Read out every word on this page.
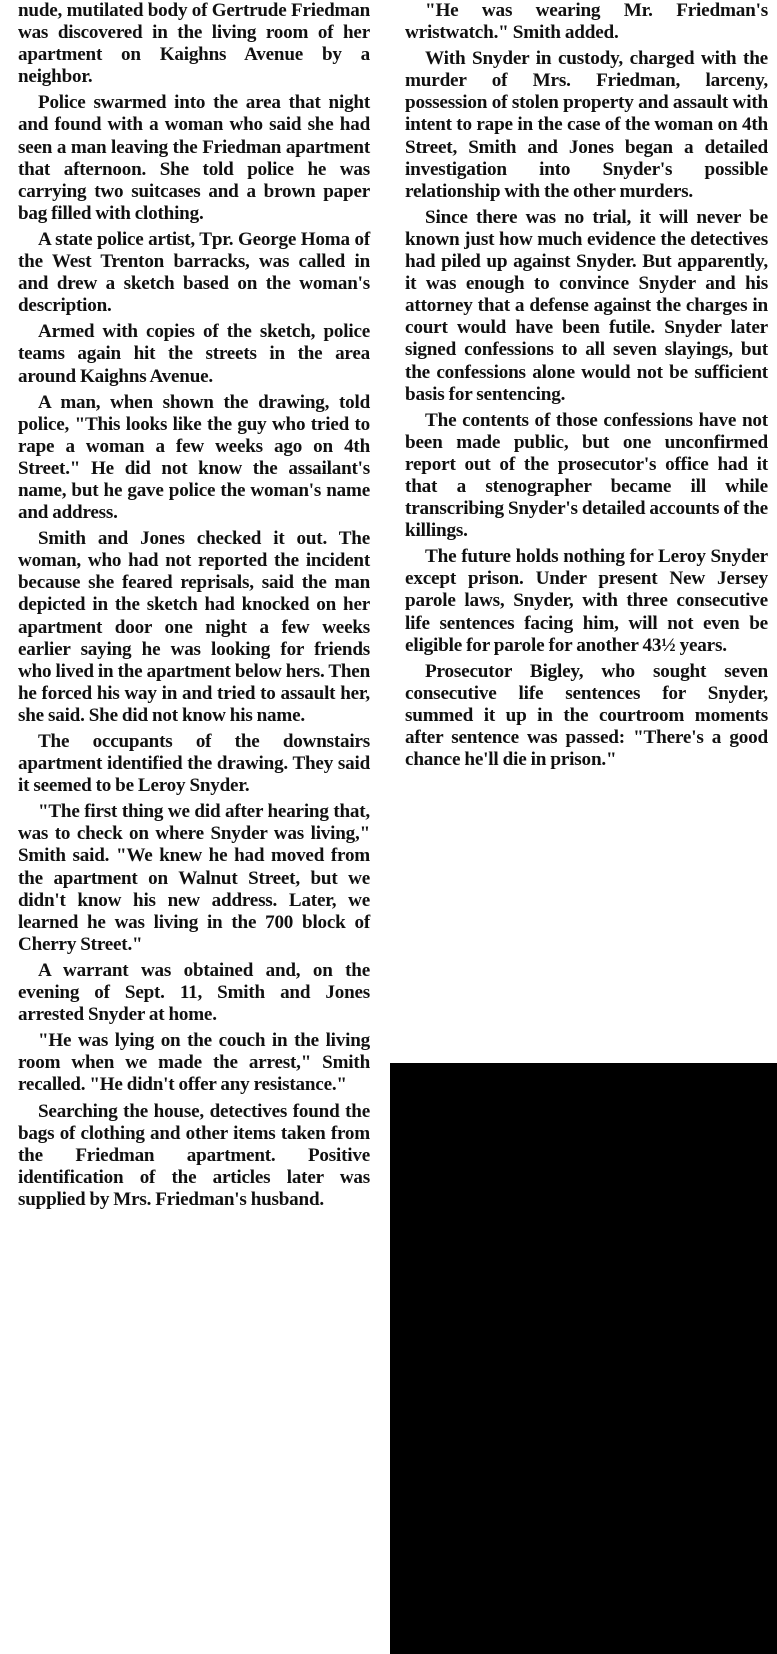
nude, mutilated body of Gertrude Friedman was discovered in the living room of her apartment on Kaighns Avenue by a neighbor.

Police swarmed into the area that night and found with a woman who said she had seen a man leaving the Friedman apartment that afternoon. She told police he was carrying two suitcases and a brown paper bag filled with clothing.

A state police artist, Tpr. George Homa of the West Trenton barracks, was called in and drew a sketch based on the woman's description.

Armed with copies of the sketch, police teams again hit the streets in the area around Kaighns Avenue.

A man, when shown the drawing, told police, "This looks like the guy who tried to rape a woman a few weeks ago on 4th Street." He did not know the assailant's name, but he gave police the woman's name and address.

Smith and Jones checked it out. The woman, who had not reported the incident because she feared reprisals, said the man depicted in the sketch had knocked on her apartment door one night a few weeks earlier saying he was looking for friends who lived in the apartment below hers. Then he forced his way in and tried to assault her, she said. She did not know his name.

The occupants of the downstairs apartment identified the drawing. They said it seemed to be Leroy Snyder.

"The first thing we did after hearing that, was to check on where Snyder was living," Smith said. "We knew he had moved from the apartment on Walnut Street, but we didn't know his new address. Later, we learned he was living in the 700 block of Cherry Street."

A warrant was obtained and, on the evening of Sept. 11, Smith and Jones arrested Snyder at home.

"He was lying on the couch in the living room when we made the arrest," Smith recalled. "He didn't offer any resistance."

Searching the house, detectives found the bags of clothing and other items taken from the Friedman apartment. Positive identification of the articles later was supplied by Mrs. Friedman's husband.

"He was wearing Mr. Friedman's wristwatch." Smith added.

With Snyder in custody, charged with the murder of Mrs. Friedman, larceny, possession of stolen property and assault with intent to rape in the case of the woman on 4th Street, Smith and Jones began a detailed investigation into Snyder's possible relationship with the other murders.

Since there was no trial, it will never be known just how much evidence the detectives had piled up against Snyder. But apparently, it was enough to convince Snyder and his attorney that a defense against the charges in court would have been futile. Snyder later signed confessions to all seven slayings, but the confessions alone would not be sufficient basis for sentencing.

The contents of those confessions have not been made public, but one unconfirmed report out of the prosecutor's office had it that a stenographer became ill while transcribing Snyder's detailed accounts of the killings.

The future holds nothing for Leroy Snyder except prison. Under present New Jersey parole laws, Snyder, with three consecutive life sentences facing him, will not even be eligible for parole for another 43½ years.

Prosecutor Bigley, who sought seven consecutive life sentences for Snyder, summed it up in the courtroom moments after sentence was passed: "There's a good chance he'll die in prison."
